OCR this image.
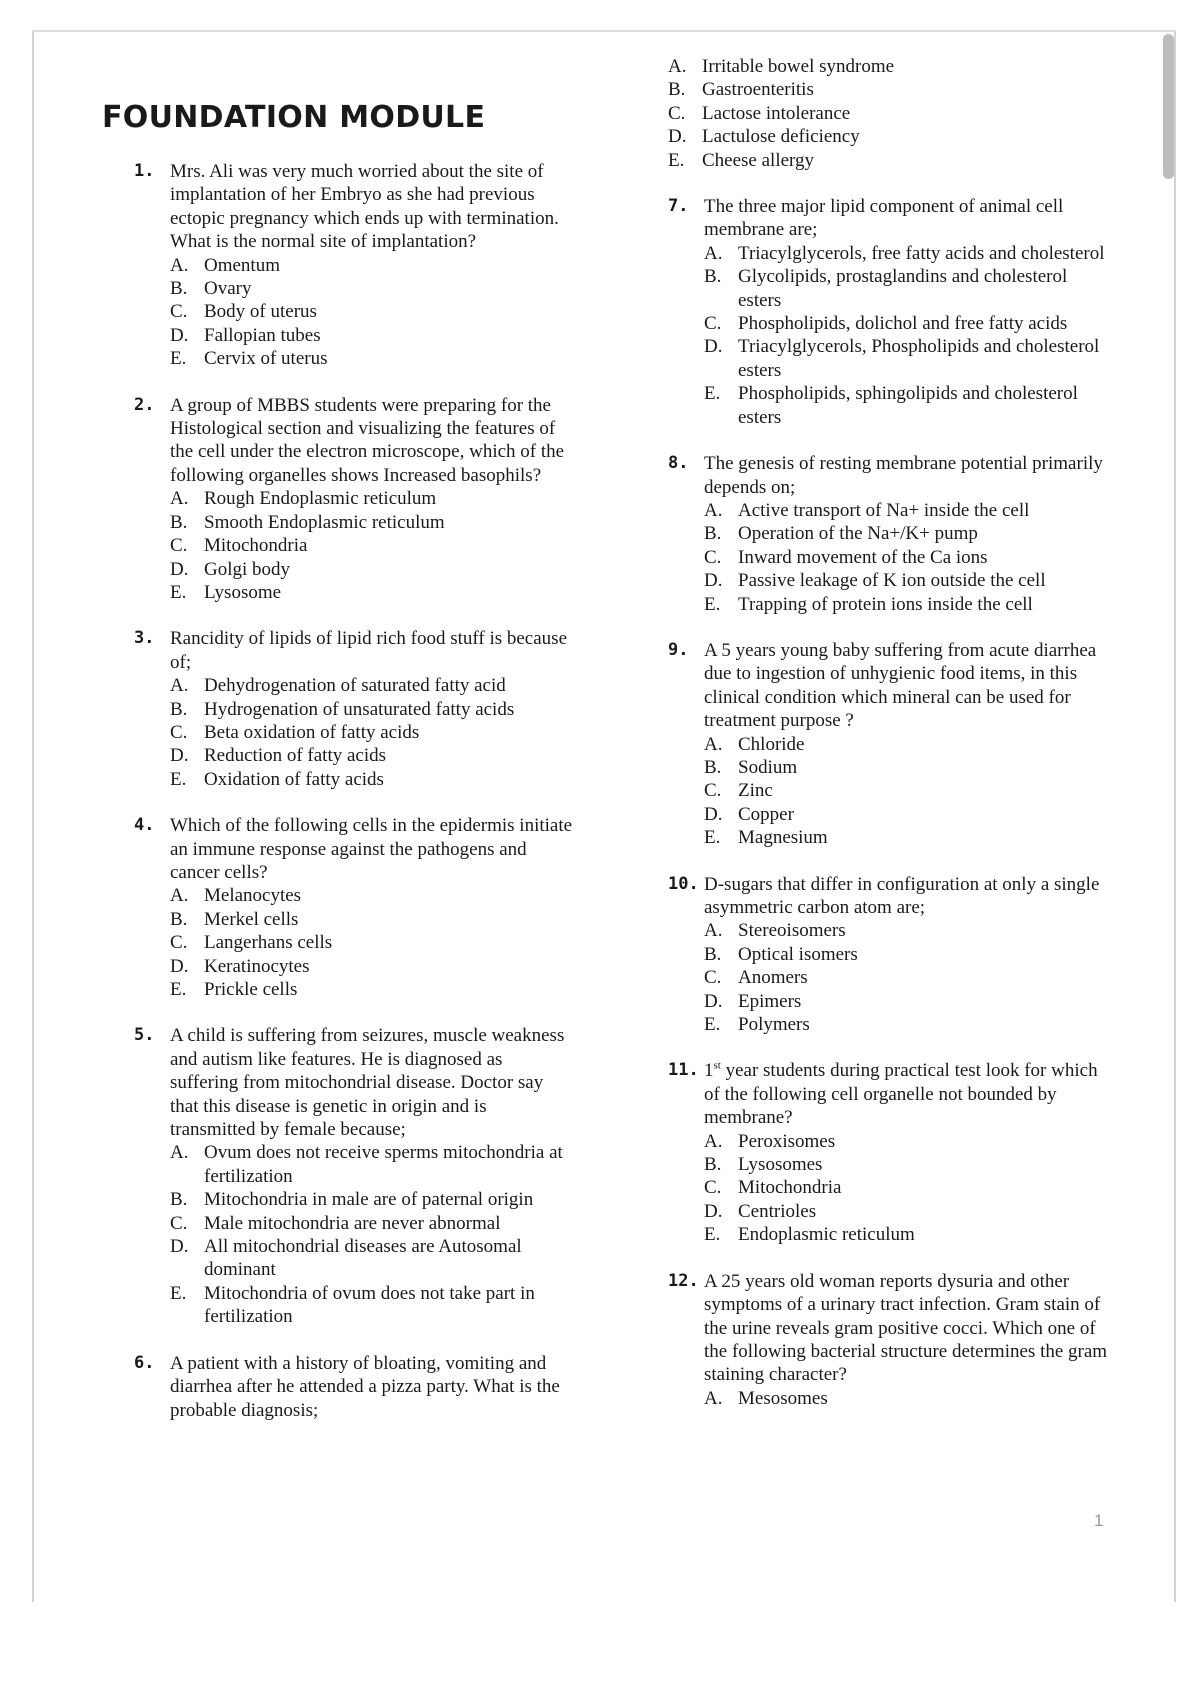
FOUNDATION MODULE
1. Mrs. Ali was very much worried about the site of implantation of her Embryo as she had previous ectopic pregnancy which ends up with termination. What is the normal site of implantation?
A. Omentum
B. Ovary
C. Body of uterus
D. Fallopian tubes
E. Cervix of uterus
2. A group of MBBS students were preparing for the Histological section and visualizing the features of the cell under the electron microscope, which of the following organelles shows Increased basophils?
A. Rough Endoplasmic reticulum
B. Smooth Endoplasmic reticulum
C. Mitochondria
D. Golgi body
E. Lysosome
3. Rancidity of lipids of lipid rich food stuff is because of;
A. Dehydrogenation of saturated fatty acid
B. Hydrogenation of unsaturated fatty acids
C. Beta oxidation of fatty acids
D. Reduction of fatty acids
E. Oxidation of fatty acids
4. Which of the following cells in the epidermis initiate an immune response against the pathogens and cancer cells?
A. Melanocytes
B. Merkel cells
C. Langerhans cells
D. Keratinocytes
E. Prickle cells
5. A child is suffering from seizures, muscle weakness and autism like features. He is diagnosed as suffering from mitochondrial disease. Doctor say that this disease is genetic in origin and is transmitted by female because;
A. Ovum does not receive sperms mitochondria at fertilization
B. Mitochondria in male are of paternal origin
C. Male mitochondria are never abnormal
D. All mitochondrial diseases are Autosomal dominant
E. Mitochondria of ovum does not take part in fertilization
6. A patient with a history of bloating, vomiting and diarrhea after he attended a pizza party. What is the probable diagnosis;
A. Irritable bowel syndrome
B. Gastroenteritis
C. Lactose intolerance
D. Lactulose deficiency
E. Cheese allergy
7. The three major lipid component of animal cell membrane are;
A. Triacylglycerols, free fatty acids and cholesterol
B. Glycolipids, prostaglandins and cholesterol esters
C. Phospholipids, dolichol and free fatty acids
D. Triacylglycerols, Phospholipids and cholesterol esters
E. Phospholipids, sphingolipids and cholesterol esters
8. The genesis of resting membrane potential primarily depends on;
A. Active transport of Na+ inside the cell
B. Operation of the Na+/K+ pump
C. Inward movement of the Ca ions
D. Passive leakage of K ion outside the cell
E. Trapping of protein ions inside the cell
9. A 5 years young baby suffering from acute diarrhea due to ingestion of unhygienic food items, in this clinical condition which mineral can be used for treatment purpose ?
A. Chloride
B. Sodium
C. Zinc
D. Copper
E. Magnesium
10. D-sugars that differ in configuration at only a single asymmetric carbon atom are;
A. Stereoisomers
B. Optical isomers
C. Anomers
D. Epimers
E. Polymers
11. 1st year students during practical test look for which of the following cell organelle not bounded by membrane?
A. Peroxisomes
B. Lysosomes
C. Mitochondria
D. Centrioles
E. Endoplasmic reticulum
12. A 25 years old woman reports dysuria and other symptoms of a urinary tract infection. Gram stain of the urine reveals gram positive cocci. Which one of the following bacterial structure determines the gram staining character?
A. Mesosomes
1
